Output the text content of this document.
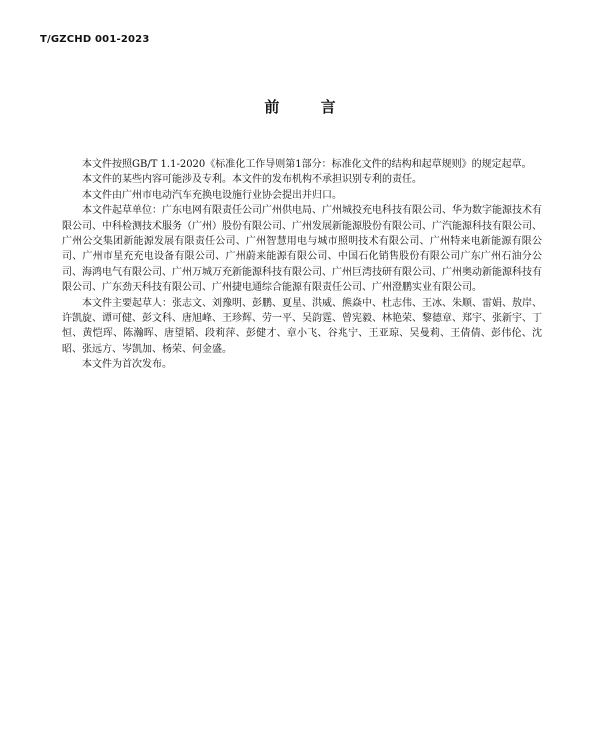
T/GZCHD 001-2023
前 言

本文件按照GB/T 1.1-2020《标准化工作导则第1部分：标准化文件的结构和起草规则》的规定起草。

本文件的某些内容可能涉及专利。本文件的发布机构不承担识别专利的责任。

本文件由广州市电动汽车充换电设施行业协会提出并归口。

本文件起草单位：广东电网有限责任公司广州供电局、广州城投充电科技有限公司、华为数字能源技术有限公司、中科检测技术服务（广州）股份有限公司、广州发展新能源股份有限公司、广汽能源科技有限公司、广州公交集团新能源发展有限责任公司、广州智慧用电与城市照明技术有限公司、广州特来电新能源有限公司、广州市星充充电设备有限公司、广州蔚来能源有限公司、中国石化销售股份有限公司广东广州石油分公司、海鸿电气有限公司、广州万城万充新能源科技有限公司、广州巨湾技研有限公司、广州奥动新能源科技有限公司、广东劲天科技有限公司、广州捷电通综合能源有限责任公司、广州澄鹏实业有限公司。

本文件主要起草人：张志文、刘豫明、彭鹏、夏星、洪威、熊焱中、杜志伟、王冰、朱顺、雷娟、敖岸、许凯旋、谭可健、彭文科、唐旭峰、王珍辉、劳一平、吴韵霆、曾宪毅、林艳荣、黎德章、郑宇、张新宇、丁恒、黄恺珲、陈瀚晖、唐望韬、段莉萍、彭健才、章小飞、谷兆宁、王亚琼、吴曼莉、王倩倩、彭伟伦、沈昭、张远方、岑凯加、杨荣、何金盛。

本文件为首次发布。
